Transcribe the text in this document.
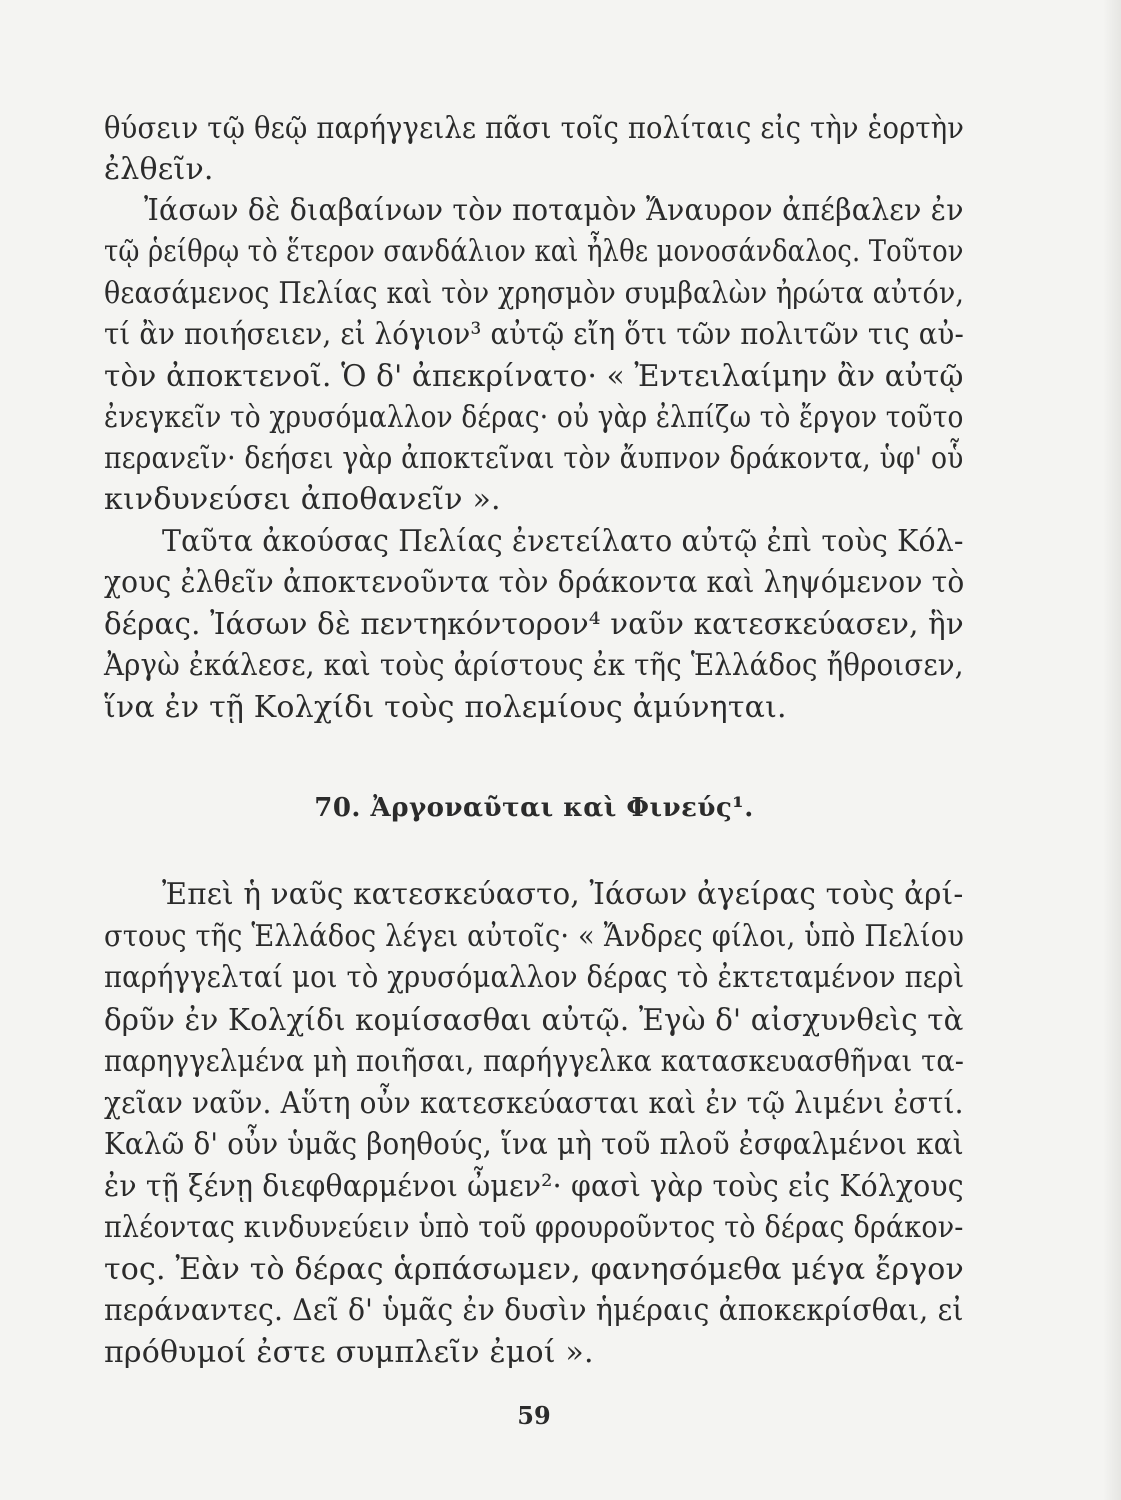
θύσειν τῷ θεῷ παρήγγειλε πᾶσι τοῖς πολίταις εἰς τὴν ἑορτὴν
ἐλθεῖν.
Ἰάσων δὲ διαβαίνων τὸν ποταμὸν Ἄναυρον ἀπέβαλεν ἐν
τῷ ῥείθρῳ τὸ ἕτερον σανδάλιον καὶ ἦλθε μονοσάνδαλος. Τοῦτον
θεασάμενος Πελίας καὶ τὸν χρησμὸν συμβαλὼν ἠρώτα αὐτόν,
τί ἂν ποιήσειεν, εἰ λόγιον³ αὐτῷ εἴη ὅτι τῶν πολιτῶν τις αὐ-
τὸν ἀποκτενοῖ. Ὁ δ' ἀπεκρίνατο· « Ἐντειλαίμην ἂν αὐτῷ
ἐνεγκεῖν τὸ χρυσόμαλλον δέρας· οὐ γὰρ ἐλπίζω τὸ ἔργον τοῦτο
περανεῖν· δεήσει γὰρ ἀποκτεῖναι τὸν ἄυπνον δράκοντα, ὑφ' οὗ
κινδυνεύσει ἀποθανεῖν ».
Ταῦτα ἀκούσας Πελίας ἐνετείλατο αὐτῷ ἐπὶ τοὺς Κόλ-
χους ἐλθεῖν ἀποκτενοῦντα τὸν δράκοντα καὶ ληψόμενον τὸ
δέρας. Ἰάσων δὲ πεντηκόντορον⁴ ναῦν κατεσκεύασεν, ἣν
Ἀργὼ ἐκάλεσε, καὶ τοὺς ἀρίστους ἐκ τῆς Ἑλλάδος ἤθροισεν,
ἵνα ἐν τῇ Κολχίδι τοὺς πολεμίους ἀμύνηται.
70. Ἀργοναῦται καὶ Φινεύς¹.
Ἐπεὶ ἡ ναῦς κατεσκεύαστο, Ἰάσων ἀγείρας τοὺς ἀρί-
στους τῆς Ἑλλάδος λέγει αὐτοῖς· « Ἄνδρες φίλοι, ὑπὸ Πελίου
παρήγγελταί μοι τὸ χρυσόμαλλον δέρας τὸ ἐκτεταμένον περὶ
δρῦν ἐν Κολχίδι κομίσασθαι αὐτῷ. Ἐγὼ δ' αἰσχυνθεὶς τὰ
παρηγγελμένα μὴ ποιῆσαι, παρήγγελκα κατασκευασθῆναι τα-
χεῖαν ναῦν. Αὕτη οὖν κατεσκεύασται καὶ ἐν τῷ λιμένι ἐστί.
Καλῶ δ' οὖν ὑμᾶς βοηθούς, ἵνα μὴ τοῦ πλοῦ ἐσφαλμένοι καὶ
ἐν τῇ ξένῃ διεφθαρμένοι ὦμεν²· φασὶ γὰρ τοὺς εἰς Κόλχους
πλέοντας κινδυνεύειν ὑπὸ τοῦ φρουροῦντος τὸ δέρας δράκον-
τος. Ἐὰν τὸ δέρας ἁρπάσωμεν, φανησόμεθα μέγα ἔργον
περάναντες. Δεῖ δ' ὑμᾶς ἐν δυσὶν ἡμέραις ἀποκεκρίσθαι, εἰ
πρόθυμοί ἐστε συμπλεῖν ἐμοί ».
59
